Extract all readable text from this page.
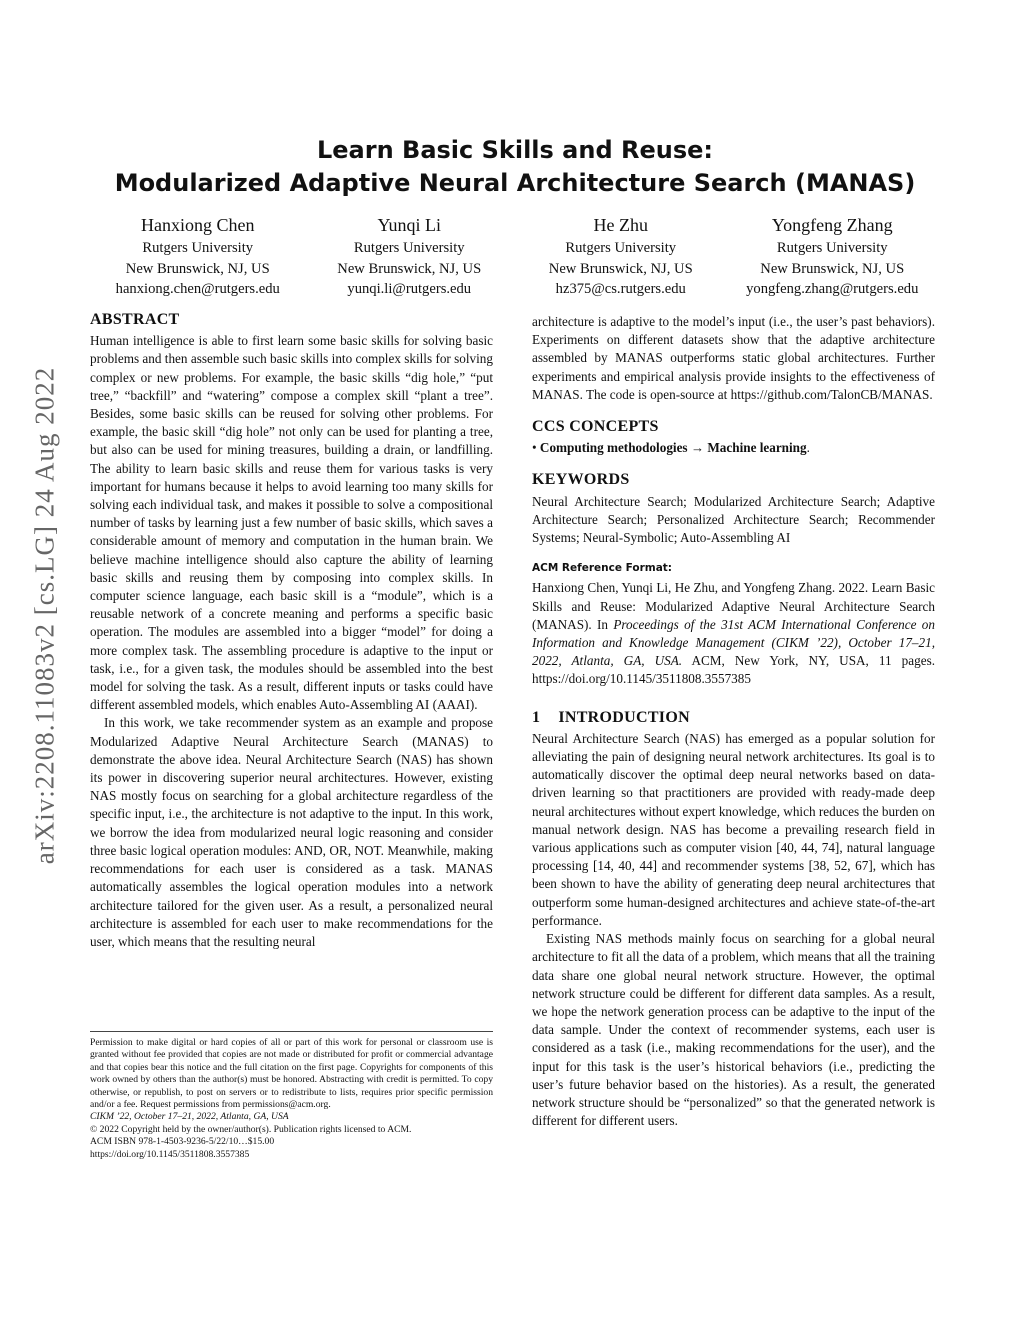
arXiv:2208.11083v2 [cs.LG] 24 Aug 2022
Learn Basic Skills and Reuse:
Modularized Adaptive Neural Architecture Search (MANAS)
Hanxiong Chen
Rutgers University
New Brunswick, NJ, US
hanxiong.chen@rutgers.edu
Yunqi Li
Rutgers University
New Brunswick, NJ, US
yunqi.li@rutgers.edu
He Zhu
Rutgers University
New Brunswick, NJ, US
hz375@cs.rutgers.edu
Yongfeng Zhang
Rutgers University
New Brunswick, NJ, US
yongfeng.zhang@rutgers.edu
ABSTRACT

Human intelligence is able to first learn some basic skills for solving basic problems and then assemble such basic skills into complex skills for solving complex or new problems. For example, the basic skills “dig hole,” “put tree,” “backfill” and “watering” compose a complex skill “plant a tree”. Besides, some basic skills can be reused for solving other problems. For example, the basic skill “dig hole” not only can be used for planting a tree, but also can be used for mining treasures, building a drain, or landfilling. The ability to learn basic skills and reuse them for various tasks is very important for humans because it helps to avoid learning too many skills for solving each individual task, and makes it possible to solve a compositional number of tasks by learning just a few number of basic skills, which saves a considerable amount of memory and computation in the human brain. We believe machine intelligence should also capture the ability of learning basic skills and reusing them by composing into complex skills. In computer science language, each basic skill is a “module”, which is a reusable network of a concrete meaning and performs a specific basic operation. The modules are assembled into a bigger “model” for doing a more complex task. The assembling procedure is adaptive to the input or task, i.e., for a given task, the modules should be assembled into the best model for solving the task. As a result, different inputs or tasks could have different assembled models, which enables Auto-Assembling AI (AAAI).

In this work, we take recommender system as an example and propose Modularized Adaptive Neural Architecture Search (MANAS) to demonstrate the above idea. Neural Architecture Search (NAS) has shown its power in discovering superior neural architectures. However, existing NAS mostly focus on searching for a global architecture regardless of the specific input, i.e., the architecture is not adaptive to the input. In this work, we borrow the idea from modularized neural logic reasoning and consider three basic logical operation modules: AND, OR, NOT. Meanwhile, making recommendations for each user is considered as a task. MANAS automatically assembles the logical operation modules into a network architecture tailored for the given user. As a result, a personalized neural architecture is assembled for each user to make recommendations for the user, which means that the resulting neural

Permission to make digital or hard copies of all or part of this work for personal or classroom use is granted without fee provided that copies are not made or distributed for profit or commercial advantage and that copies bear this notice and the full citation on the first page. Copyrights for components of this work owned by others than the author(s) must be honored. Abstracting with credit is permitted. To copy otherwise, or republish, to post on servers or to redistribute to lists, requires prior specific permission and/or a fee. Request permissions from permissions@acm.org.

CIKM ’22, October 17–21, 2022, Atlanta, GA, USA

© 2022 Copyright held by the owner/author(s). Publication rights licensed to ACM.

ACM ISBN 978-1-4503-9236-5/22/10…$15.00

https://doi.org/10.1145/3511808.3557385

architecture is adaptive to the model’s input (i.e., the user’s past behaviors). Experiments on different datasets show that the adaptive architecture assembled by MANAS outperforms static global architectures. Further experiments and empirical analysis provide insights to the effectiveness of MANAS. The code is open-source at https://github.com/TalonCB/MANAS.

CCS CONCEPTS
• Computing methodologies → Machine learning.
KEYWORDS

Neural Architecture Search; Modularized Architecture Search; Adaptive Architecture Search; Personalized Architecture Search; Recommender Systems; Neural-Symbolic; Auto-Assembling AI

ACM Reference Format:

Hanxiong Chen, Yunqi Li, He Zhu, and Yongfeng Zhang. 2022. Learn Basic Skills and Reuse: Modularized Adaptive Neural Architecture Search (MANAS). In Proceedings of the 31st ACM International Conference on Information and Knowledge Management (CIKM ’22), October 17–21, 2022, Atlanta, GA, USA. ACM, New York, NY, USA, 11 pages. https://doi.org/10.1145/3511808.3557385

1 INTRODUCTION

Neural Architecture Search (NAS) has emerged as a popular solution for alleviating the pain of designing neural network architectures. Its goal is to automatically discover the optimal deep neural networks based on data-driven learning so that practitioners are provided with ready-made deep neural architectures without expert knowledge, which reduces the burden on manual network design. NAS has become a prevailing research field in various applications such as computer vision [40, 44, 74], natural language processing [14, 40, 44] and recommender systems [38, 52, 67], which has been shown to have the ability of generating deep neural architectures that outperform some human-designed architectures and achieve state-of-the-art performance.

Existing NAS methods mainly focus on searching for a global neural architecture to fit all the data of a problem, which means that all the training data share one global neural network structure. However, the optimal network structure could be different for different data samples. As a result, we hope the network generation process can be adaptive to the input of the data sample. Under the context of recommender systems, each user is considered as a task (i.e., making recommendations for the user), and the input for this task is the user’s historical behaviors (i.e., predicting the user’s future behavior based on the histories). As a result, the generated network structure should be “personalized” so that the generated network is different for different users.
